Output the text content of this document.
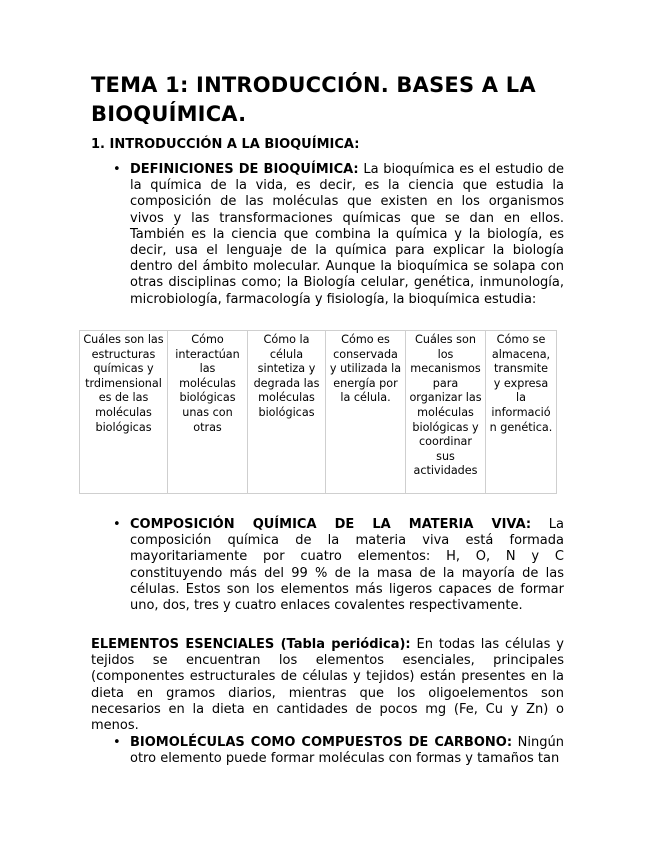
TEMA 1: INTRODUCCIÓN. BASES A LA BIOQUÍMICA.
1. INTRODUCCIÓN A LA BIOQUÍMICA:
• DEFINICIONES DE BIOQUÍMICA: La bioquímica es el estudio de la química de la vida, es decir, es la ciencia que estudia la composición de las moléculas que existen en los organismos vivos y las transformaciones químicas que se dan en ellos. También es la ciencia que combina la química y la biología, es decir, usa el lenguaje de la química para explicar la biología dentro del ámbito molecular. Aunque la bioquímica se solapa con otras disciplinas como; la Biología celular, genética, inmunología, microbiología, farmacología y fisiología, la bioquímica estudia:
Cuáles son las estructuras químicas y trdimensionales de las moléculas biológicas	Cómo interactúan las moléculas biológicas unas con otras	Cómo la célula sintetiza y degrada las moléculas biológicas	Cómo es conservada y utilizada la energía por la célula.	Cuáles son los mecanismos para organizar las moléculas biológicas y coordinar sus actividades	Cómo se almacena, transmite y expresa la información genética.
• COMPOSICIÓN QUÍMICA DE LA MATERIA VIVA: La composición química de la materia viva está formada mayoritariamente por cuatro elementos: H, O, N y C constituyendo más del 99 % de la masa de la mayoría de las células. Estos son los elementos más ligeros capaces de formar uno, dos, tres y cuatro enlaces covalentes respectivamente.
ELEMENTOS ESENCIALES (Tabla periódica): En todas las células y tejidos se encuentran los elementos esenciales, principales (componentes estructurales de células y tejidos) están presentes en la dieta en gramos diarios, mientras que los oligoelementos son necesarios en la dieta en cantidades de pocos mg (Fe, Cu y Zn) o menos.
• BIOMOLÉCULAS COMO COMPUESTOS DE CARBONO: Ningún otro elemento puede formar moléculas con formas y tamaños tan
